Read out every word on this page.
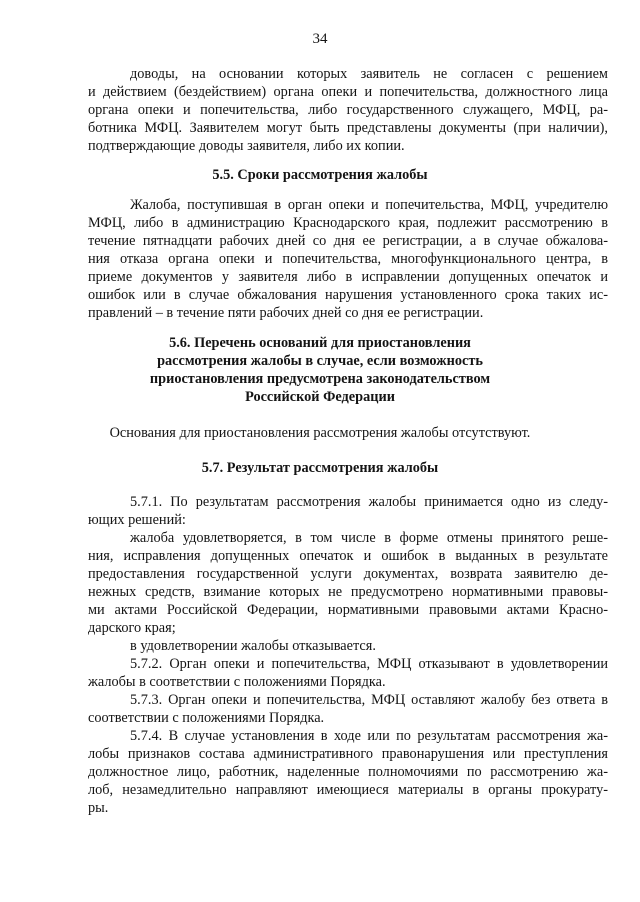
34
доводы, на основании которых заявитель не согласен с решением
и действием (бездействием) органа опеки и попечительства, должностного лица
органа опеки и попечительства, либо государственного служащего, МФЦ, ра-
ботника МФЦ. Заявителем могут быть представлены документы (при наличии),
подтверждающие доводы заявителя, либо их копии.
5.5. Сроки рассмотрения жалобы
Жалоба, поступившая в орган опеки и попечительства, МФЦ, учредителю
МФЦ, либо в администрацию Краснодарского края, подлежит рассмотрению в
течение пятнадцати рабочих дней со дня ее регистрации, а в случае обжалова-
ния отказа органа опеки и попечительства, многофункционального центра, в
приеме документов у заявителя либо в исправлении допущенных опечаток и
ошибок или в случае обжалования нарушения установленного срока таких ис-
правлений – в течение пяти рабочих дней со дня ее регистрации.
5.6. Перечень оснований для приостановления
рассмотрения жалобы в случае, если возможность
приостановления предусмотрена законодательством
Российской Федерации
Основания для приостановления рассмотрения жалобы отсутствуют.
5.7. Результат рассмотрения жалобы
5.7.1. По результатам рассмотрения жалобы принимается одно из следу-
ющих решений:
жалоба удовлетворяется, в том числе в форме отмены принятого реше-
ния, исправления допущенных опечаток и ошибок в выданных в результате
предоставления государственной услуги документах, возврата заявителю де-
нежных средств, взимание которых не предусмотрено нормативными правовы-
ми актами Российской Федерации, нормативными правовыми актами Красно-
дарского края;
в удовлетворении жалобы отказывается.
5.7.2. Орган опеки и попечительства, МФЦ отказывают в удовлетворении
жалобы в соответствии с положениями Порядка.
5.7.3. Орган опеки и попечительства, МФЦ оставляют жалобу без ответа в
соответствии с положениями Порядка.
5.7.4. В случае установления в ходе или по результатам рассмотрения жа-
лобы признаков состава административного правонарушения или преступления
должностное лицо, работник, наделенные полномочиями по рассмотрению жа-
лоб, незамедлительно направляют имеющиеся материалы в органы прокурату-
ры.
